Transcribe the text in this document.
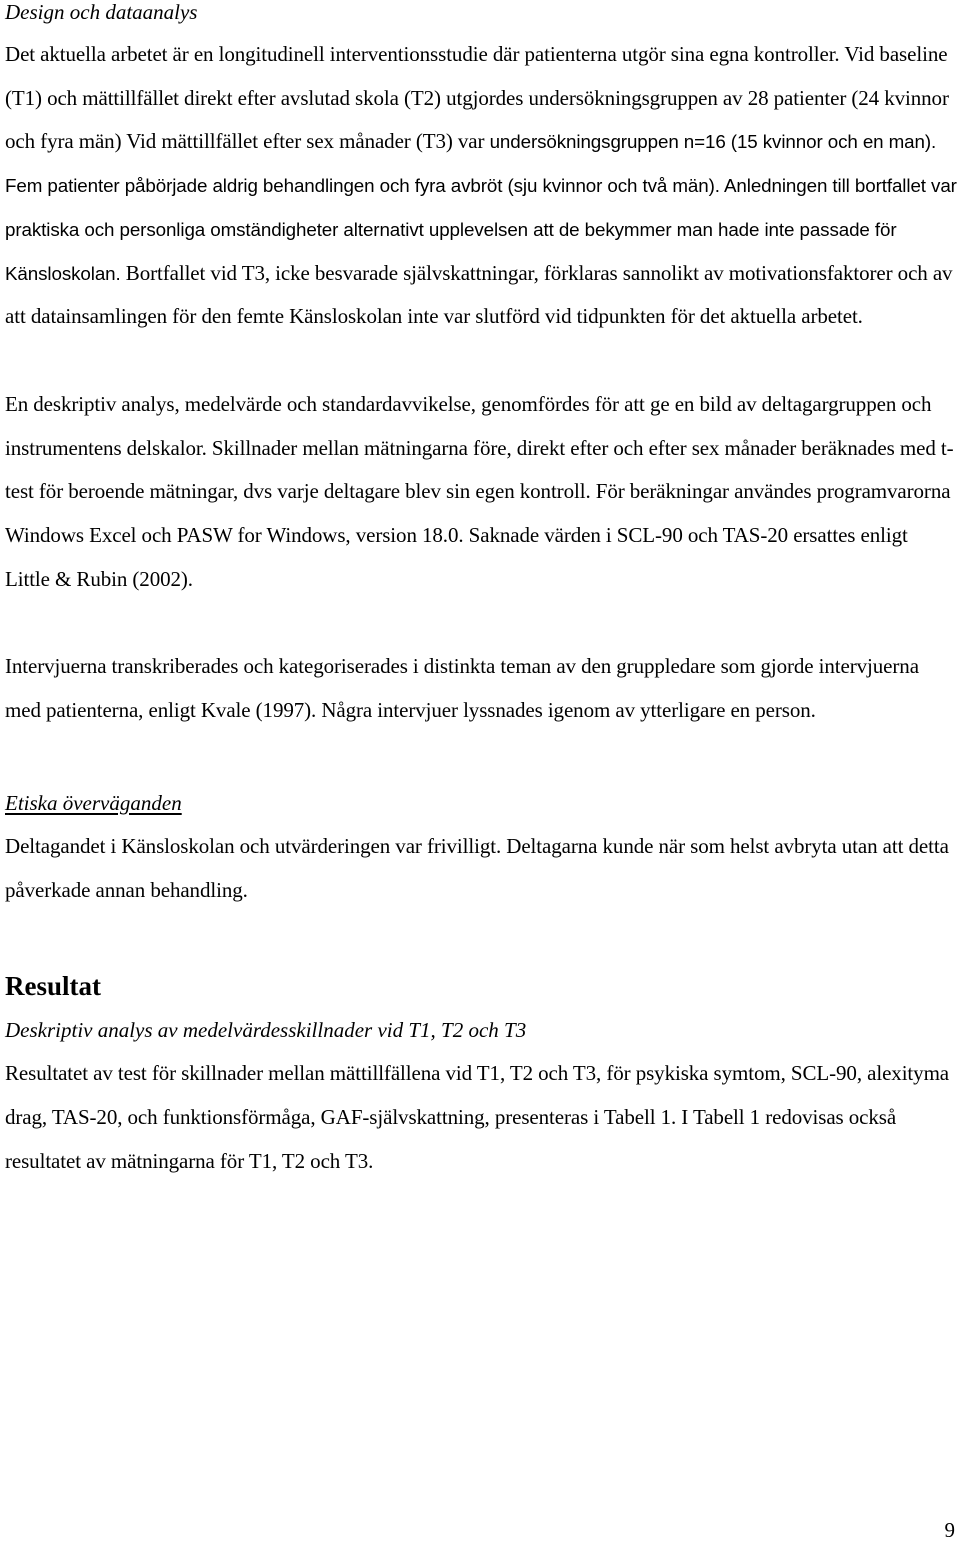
Design och dataanalys

Det aktuella arbetet är en longitudinell interventionsstudie där patienterna utgör sina egna kontroller. Vid baseline (T1) och mättillfället direkt efter avslutad skola (T2) utgjordes undersökningsgruppen av 28 patienter (24 kvinnor och fyra män) Vid mättillfället efter sex månader (T3) var undersökningsgruppen n=16 (15 kvinnor och en man). Fem patienter påbörjade aldrig behandlingen och fyra avbröt (sju kvinnor och två män). Anledningen till bortfallet var praktiska och personliga omständigheter alternativt upplevelsen att de bekymmer man hade inte passade för Känsloskolan. Bortfallet vid T3, icke besvarade självskattningar, förklaras sannolikt av motivationsfaktorer och av att datainsamlingen för den femte Känsloskolan inte var slutförd vid tidpunkten för det aktuella arbetet.

En deskriptiv analys, medelvärde och standardavvikelse, genomfördes för att ge en bild av deltagargruppen och instrumentens delskalor. Skillnader mellan mätningarna före, direkt efter och efter sex månader beräknades med t-test för beroende mätningar, dvs varje deltagare blev sin egen kontroll. För beräkningar användes programvarorna Windows Excel och PASW for Windows, version 18.0. Saknade värden i SCL-90 och TAS-20 ersattes enligt Little & Rubin (2002).

Intervjuerna transkriberades och kategoriserades i distinkta teman av den gruppledare som gjorde intervjuerna med patienterna, enligt Kvale (1997). Några intervjuer lyssnades igenom av ytterligare en person.

Etiska överväganden

Deltagandet i Känsloskolan och utvärderingen var frivilligt. Deltagarna kunde när som helst avbryta utan att detta påverkade annan behandling.

Resultat

Deskriptiv analys av medelvärdesskillnader vid T1, T2 och T3

Resultatet av test för skillnader mellan mättillfällena vid T1, T2 och T3, för psykiska symtom, SCL-90, alexityma drag, TAS-20, och funktionsförmåga, GAF-självskattning, presenteras i Tabell 1. I Tabell 1 redovisas också resultatet av mätningarna för T1, T2 och T3.

9
